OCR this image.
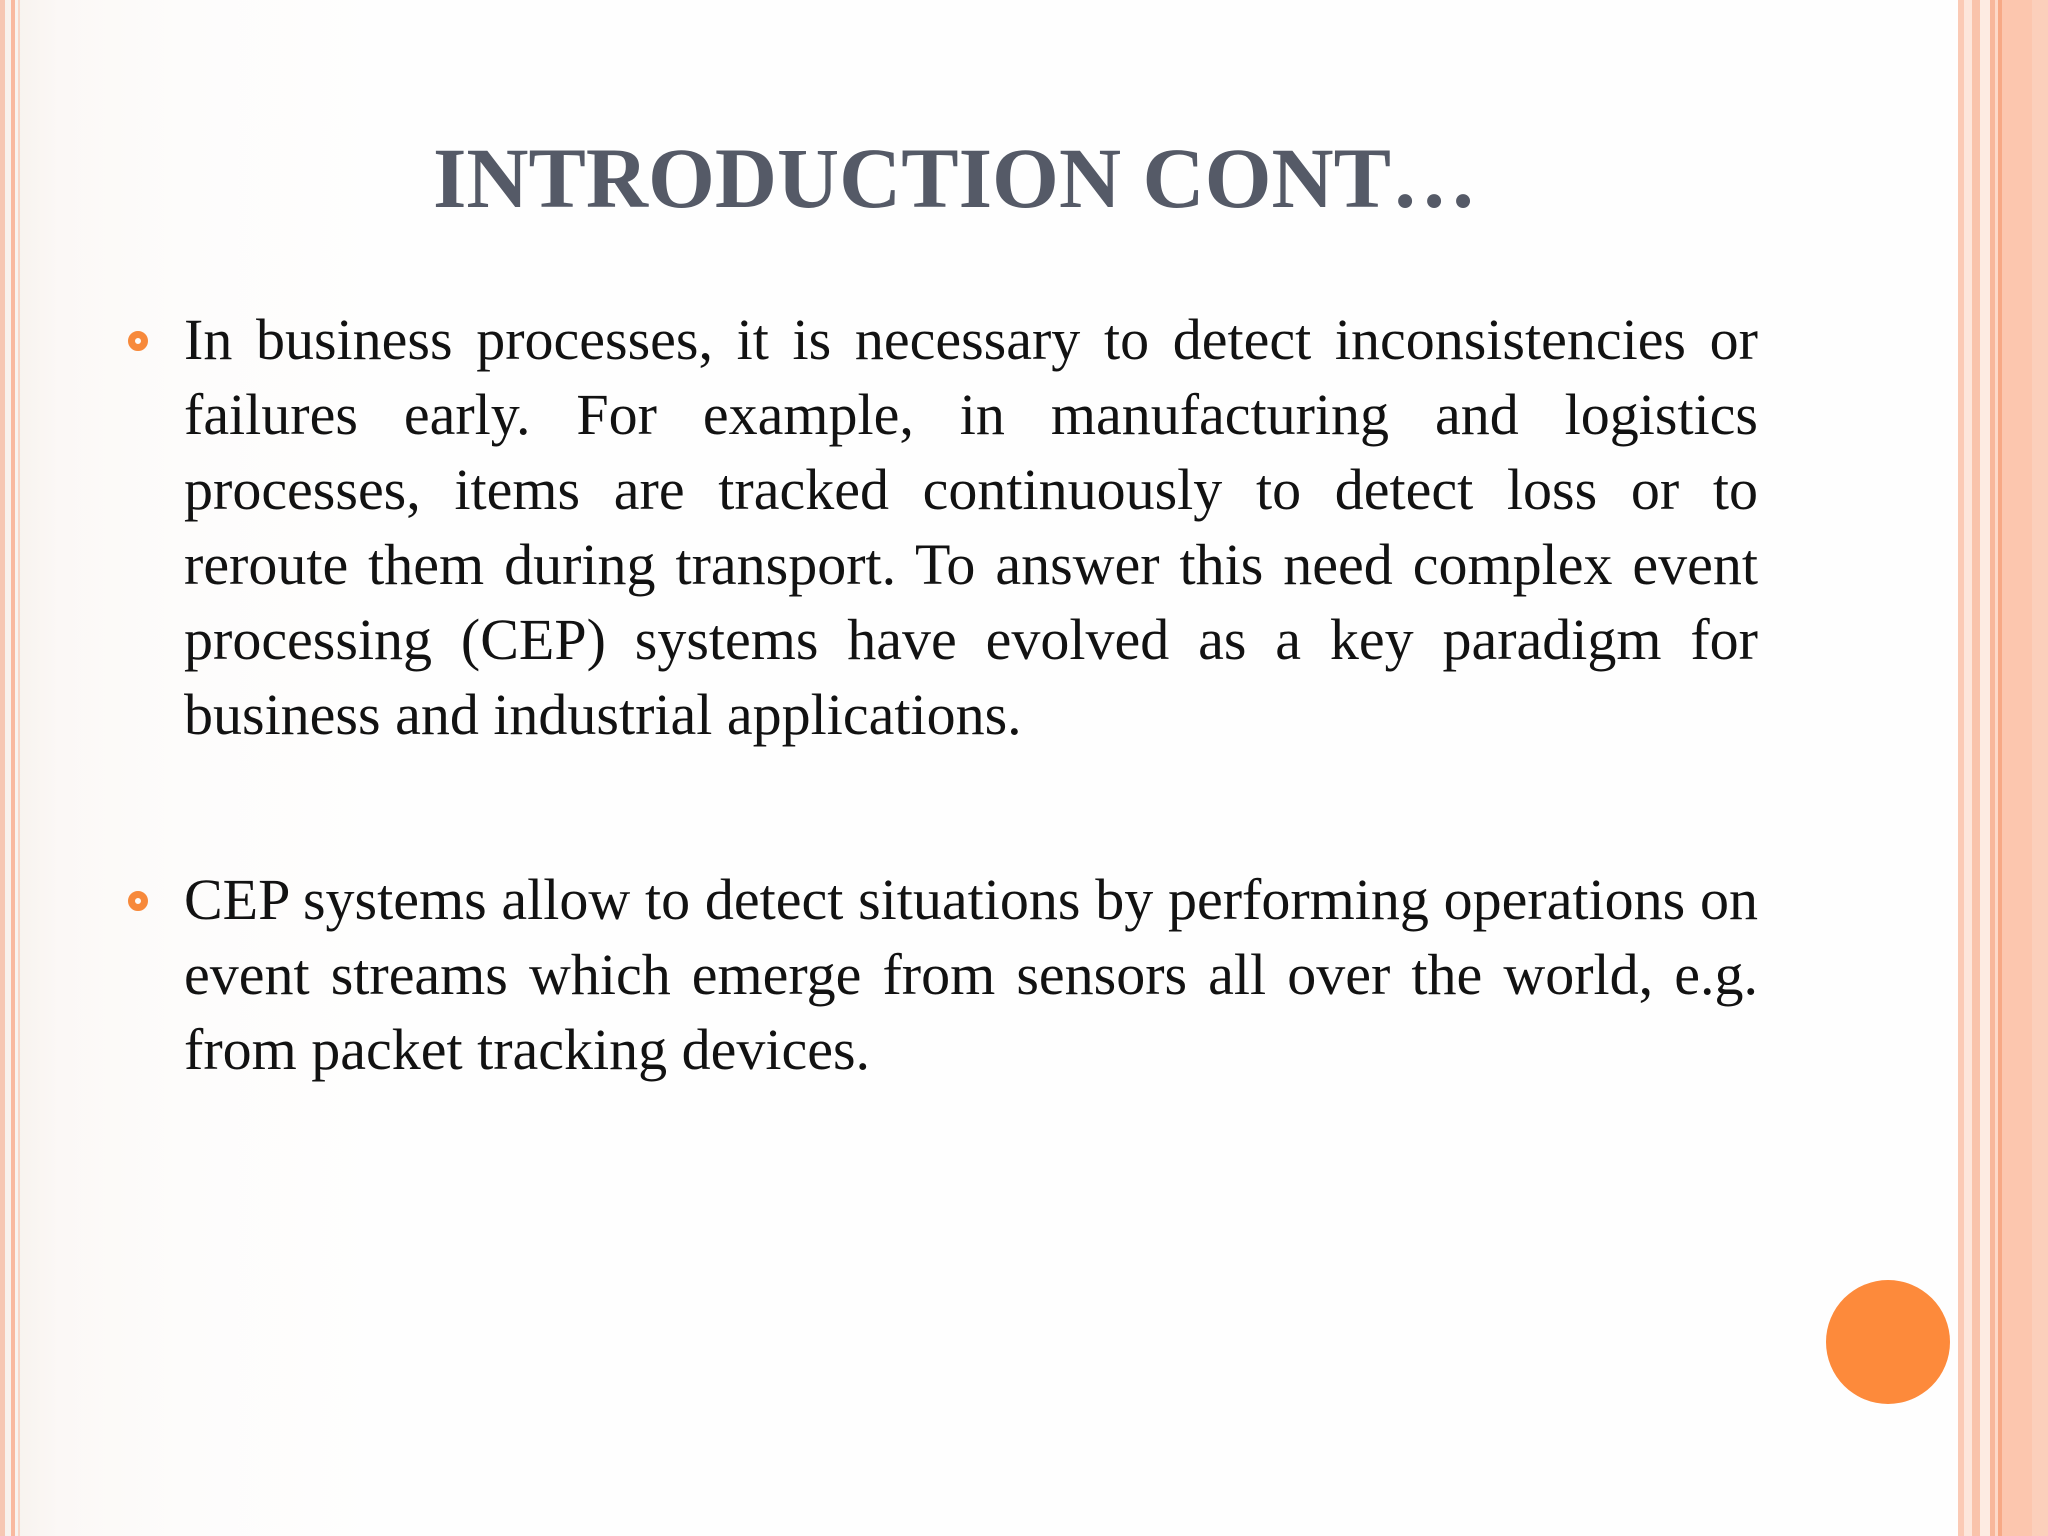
INTRODUCTION CONT…
In business processes, it is necessary to detect inconsistencies or failures early. For example, in manufacturing and logistics processes, items are tracked continuously to detect loss or to reroute them during transport. To answer this need complex event processing (CEP) systems have evolved as a key paradigm for business and industrial applications.
CEP systems allow to detect situations by performing operations on event streams which emerge from sensors all over the world, e.g. from packet tracking devices.
